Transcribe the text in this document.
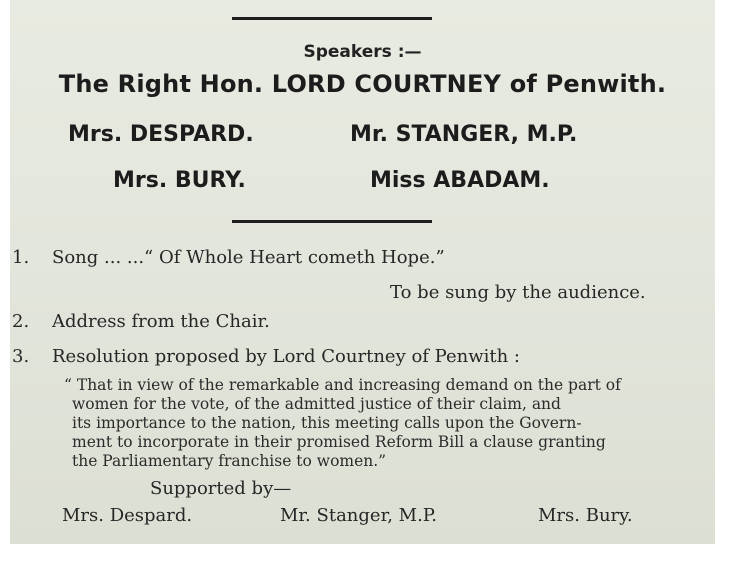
Speakers :—
The Right Hon. LORD COURTNEY of Penwith.
Mrs. DESPARD.	Mr. STANGER, M.P.
Mrs. BURY.	Miss ABADAM.
1. Song ... ...“ Of Whole Heart cometh Hope.”
To be sung by the audience.
2. Address from the Chair.
3. Resolution proposed by Lord Courtney of Penwith :
“ That in view of the remarkable and increasing demand on the part of
women for the vote, of the admitted justice of their claim, and
its importance to the nation, this meeting calls upon the Govern-
ment to incorporate in their promised Reform Bill a clause granting
the Parliamentary franchise to women.”
Supported by—
Mrs. Despard.	Mr. Stanger, M.P.	Mrs. Bury.
